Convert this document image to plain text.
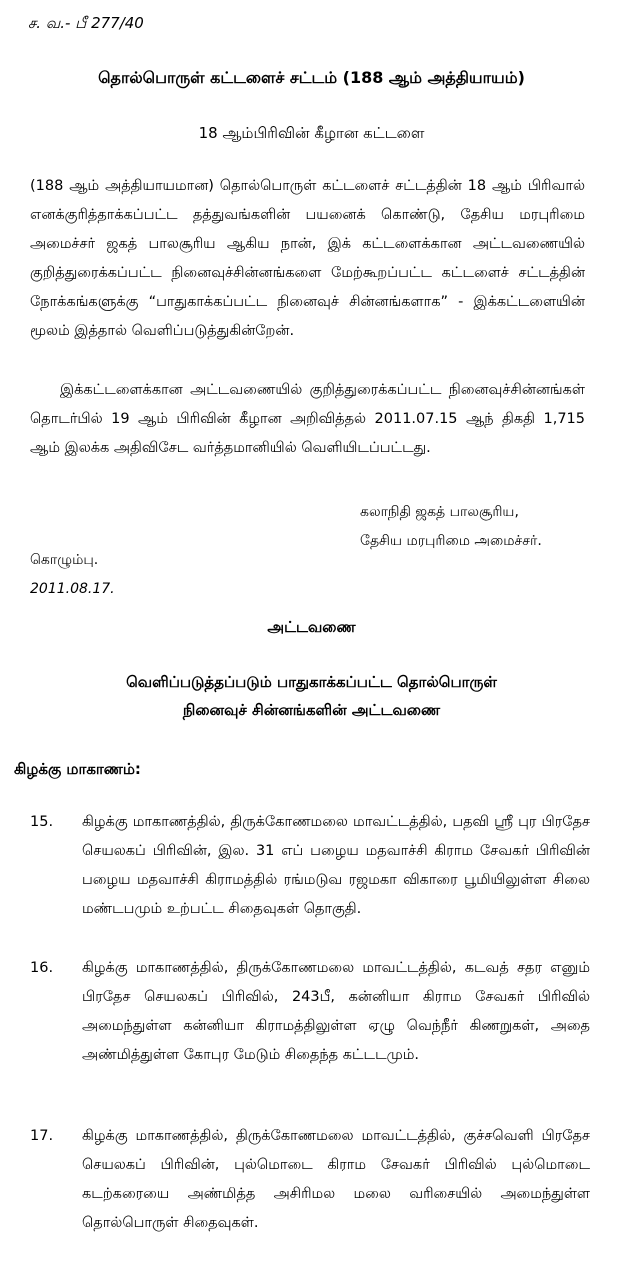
ச. வ.- பீ 277/40
தொல்பொருள் கட்டளைச் சட்டம் (188 ஆம் அத்தியாயம்)
18 ஆம்பிரிவின் கீழான கட்டளை
(188 ஆம் அத்தியாயமான) தொல்பொருள் கட்டளைச் சட்டத்தின் 18 ஆம் பிரிவால் எனக்குரித்தாக்கப்பட்ட தத்துவங்களின் பயனைக் கொண்டு, தேசிய மரபுரிமை அமைச்சர் ஜகத் பாலசூரிய ஆகிய நான், இக் கட்டளைக்கான அட்டவணையில் குறித்துரைக்கப்பட்ட நினைவுச்சின்னங்களை மேற்கூறப்பட்ட கட்டளைச் சட்டத்தின் நோக்கங்களுக்கு “பாதுகாக்கப்பட்ட நினைவுச் சின்னங்களாக” - இக்கட்டளையின் மூலம் இத்தால் வெளிப்படுத்துகின்றேன்.
இக்கட்டளைக்கான அட்டவணையில் குறித்துரைக்கப்பட்ட நினைவுச்சின்னங்கள் தொடர்பில் 19 ஆம் பிரிவின் கீழான அறிவித்தல் 2011.07.15 ஆந் திகதி 1,715 ஆம் இலக்க அதிவிசேட வர்த்தமானியில் வெளியிடப்பட்டது.
கலாநிதி ஜகத் பாலசூரிய,
தேசிய மரபுரிமை அமைச்சர்.
கொழும்பு.
2011.08.17.
அட்டவணை
வெளிப்படுத்தப்படும் பாதுகாக்கப்பட்ட தொல்பொருள்
நினைவுச் சின்னங்களின் அட்டவணை
கிழக்கு மாகாணம்:
15. கிழக்கு மாகாணத்தில், திருக்கோணமலை மாவட்டத்தில், பதவி ஸ்ரீ புர பிரதேச செயலகப் பிரிவின், இல. 31 எப் பழைய மதவாச்சி கிராம சேவகர் பிரிவின் பழைய மதவாச்சி கிராமத்தில் ரங்மடுவ ரஜமகா விகாரை பூமியிலுள்ள சிலை மண்டபமும் உற்பட்ட சிதைவுகள் தொகுதி.
16. கிழக்கு மாகாணத்தில், திருக்கோணமலை மாவட்டத்தில், கடவத் சதர எனும் பிரதேச செயலகப் பிரிவில், 243பீ, கன்னியா கிராம சேவகர் பிரிவில் அமைந்துள்ள கன்னியா கிராமத்திலுள்ள ஏழு வெந்நீர் கிணறுகள், அதை அண்மித்துள்ள கோபுர மேடும் சிதைந்த கட்டடமும்.
17. கிழக்கு மாகாணத்தில், திருக்கோணமலை மாவட்டத்தில், குச்சவெளி பிரதேச செயலகப் பிரிவின், புல்மொடை கிராம சேவகர் பிரிவில் புல்மொடை கடற்கரையை அண்மித்த அசிரிமல மலை வரிசையில் அமைந்துள்ள தொல்பொருள் சிதைவுகள்.
